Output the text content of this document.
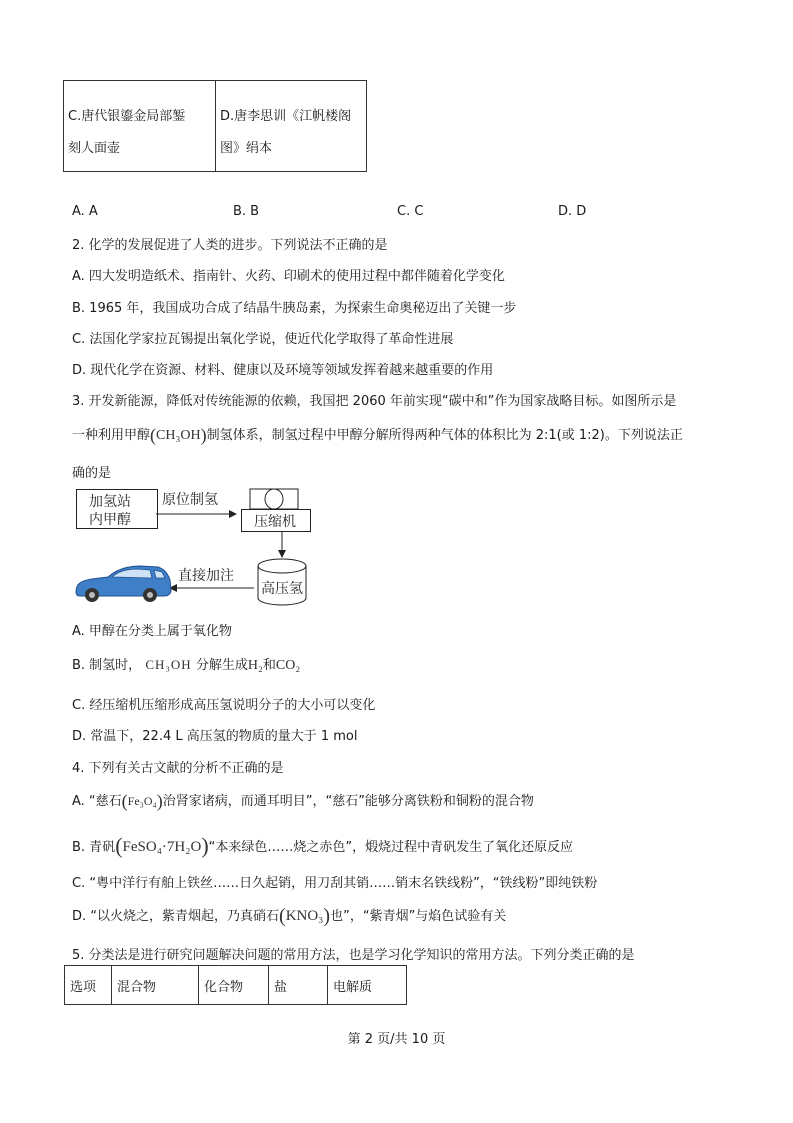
C.唐代银鎏金局部錾
刻人面壶

D.唐李思训《江帆楼阁
图》绢本
A. A	B. B	C. C	D. D
2. 化学的发展促进了人类的进步。下列说法不正确的是
A. 四大发明造纸术、指南针、火药、印刷术的使用过程中都伴随着化学变化
B. 1965 年，我国成功合成了结晶牛胰岛素，为探索生命奥秘迈出了关键一步
C. 法国化学家拉瓦锡提出氧化学说，使近代化学取得了革命性进展
D. 现代化学在资源、材料、健康以及环境等领域发挥着越来越重要的作用
3. 开发新能源，降低对传统能源的依赖，我国把 2060 年前实现“碳中和”作为国家战略目标。如图所示是
一种利用甲醇(CH₃OH)制氢体系，制氢过程中甲醇分解所得两种气体的体积比为 2:1(或 1:2)。下列说法正
确的是
加氢站
内甲醇
原位制氢
压缩机
高压氢
直接加注
A. 甲醇在分类上属于氧化物
B. 制氢时， CH₃OH 分解生成H₂和CO₂
C. 经压缩机压缩形成高压氢说明分子的大小可以变化
D. 常温下，22.4 L 高压氢的物质的量大于 1 mol
4. 下列有关古文献的分析不正确的是
A. “慈石(Fe₃O₄)治肾家诸病，而通耳明目”，“慈石”能够分离铁粉和铜粉的混合物
B. 青矾(FeSO₄·7H₂O)“本来绿色……烧之赤色”，煅烧过程中青矾发生了氧化还原反应
C. “粤中洋行有舶上铁丝……日久起销，用刀刮其销……销末名铁线粉”，“铁线粉”即纯铁粉
D. “以火烧之，紫青烟起，乃真硝石(KNO₃)也”，“紫青烟”与焰色试验有关
5. 分类法是进行研究问题解决问题的常用方法，也是学习化学知识的常用方法。下列分类正确的是
选项	混合物	化合物	盐	电解质
第 2 页/共 10 页
